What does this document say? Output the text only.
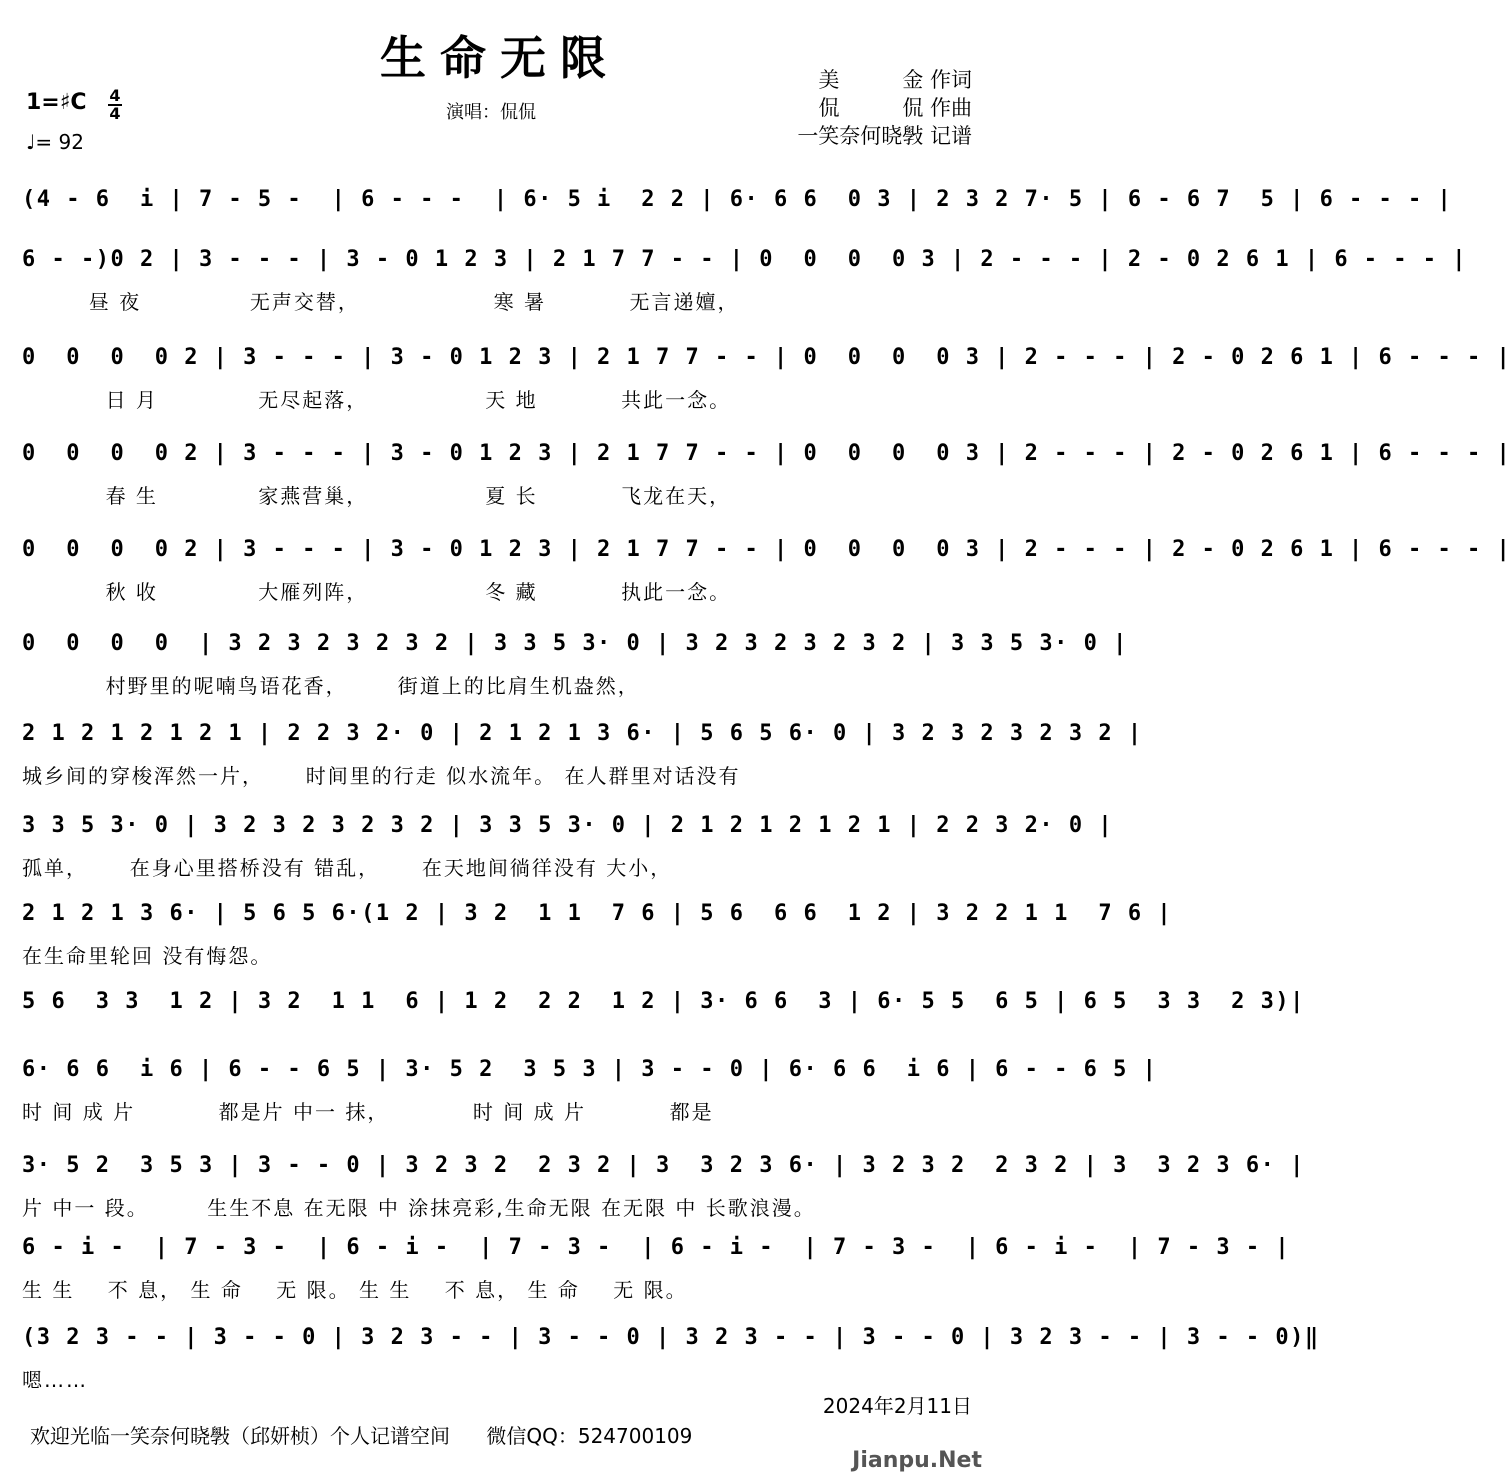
生命无限	美　　　金 作词
侃　　　侃 作曲
一笑奈何晓斅 记谱
1=♯C 4
4
♩= 92
演唱：侃侃
(4 - 6  i | 7 - 5 -  | 6 - - -  | 6· 5 i  2 2 | 6· 6 6  0 3 | 2 3 2 7· 5 | 6 - 6 7  5 | 6 - - - |
6 - -)0 2 | 3 - - - | 3 - 0 1 2 3 | 2 1 7 7 - - | 0  0  0  0 3 | 2 - - - | 2 - 0 2 6 1 | 6 - - - |
昼 夜             无声交替，                寒 暑          无言递嬗，
0  0  0  0 2 | 3 - - - | 3 - 0 1 2 3 | 2 1 7 7 - - | 0  0  0  0 3 | 2 - - - | 2 - 0 2 6 1 | 6 - - - |
日 月            无尽起落，              天 地          共此一念。
0  0  0  0 2 | 3 - - - | 3 - 0 1 2 3 | 2 1 7 7 - - | 0  0  0  0 3 | 2 - - - | 2 - 0 2 6 1 | 6 - - - |
春 生            家燕营巢，              夏 长          飞龙在天，
0  0  0  0 2 | 3 - - - | 3 - 0 1 2 3 | 2 1 7 7 - - | 0  0  0  0 3 | 2 - - - | 2 - 0 2 6 1 | 6 - - - |
秋 收            大雁列阵，              冬 藏          执此一念。
0  0  0  0  | 3 2 3 2 3 2 3 2 | 3 3 5 3· 0 | 3 2 3 2 3 2 3 2 | 3 3 5 3· 0 |
村野里的呢喃鸟语花香，      街道上的比肩生机盎然，
2 1 2 1 2 1 2 1 | 2 2 3 2· 0 | 2 1 2 1 3 6· | 5 6 5 6· 0 | 3 2 3 2 3 2 3 2 |
城乡间的穿梭浑然一片，     时间里的行走 似水流年。 在人群里对话没有
3 3 5 3· 0 | 3 2 3 2 3 2 3 2 | 3 3 5 3· 0 | 2 1 2 1 2 1 2 1 | 2 2 3 2· 0 |
孤单，     在身心里搭桥没有 错乱，     在天地间徜徉没有 大小，
2 1 2 1 3 6· | 5 6 5 6·(1 2 | 3 2  1 1  7 6 | 5 6  6 6  1 2 | 3 2 2 1 1  7 6 |
在生命里轮回 没有悔怨。
5 6  3 3  1 2 | 3 2  1 1  6 | 1 2  2 2  1 2 | 3· 6 6  3 | 6· 5 5  6 5 | 6 5  3 3  2 3)|
6· 6 6  i 6 | 6 - - 6 5 | 3· 5 2  3 5 3 | 3 - - 0 | 6· 6 6  i 6 | 6 - - 6 5 |
时 间 成 片          都是片 中一 抹，          时 间 成 片          都是
3· 5 2  3 5 3 | 3 - - 0 | 3 2 3 2  2 3 2 | 3  3 2 3 6· | 3 2 3 2  2 3 2 | 3  3 2 3 6· |
片 中一 段。       生生不息 在无限 中 涂抹亮彩,生命无限 在无限 中 长歌浪漫。
6 - i -  | 7 - 3 -  | 6 - i -  | 7 - 3 -  | 6 - i -  | 7 - 3 -  | 6 - i -  | 7 - 3 - |
生 生    不 息， 生 命    无 限。 生 生    不 息， 生 命    无 限。
(3 2 3 - - | 3 - - 0 | 3 2 3 - - | 3 - - 0 | 3 2 3 - - | 3 - - 0 | 3 2 3 - - | 3 - - 0)‖
嗯……
2024年2月11日
欢迎光临一笑奈何晓斅（邱妍桢）个人记谱空间 微信QQ：524700109
Jianpu.Net
